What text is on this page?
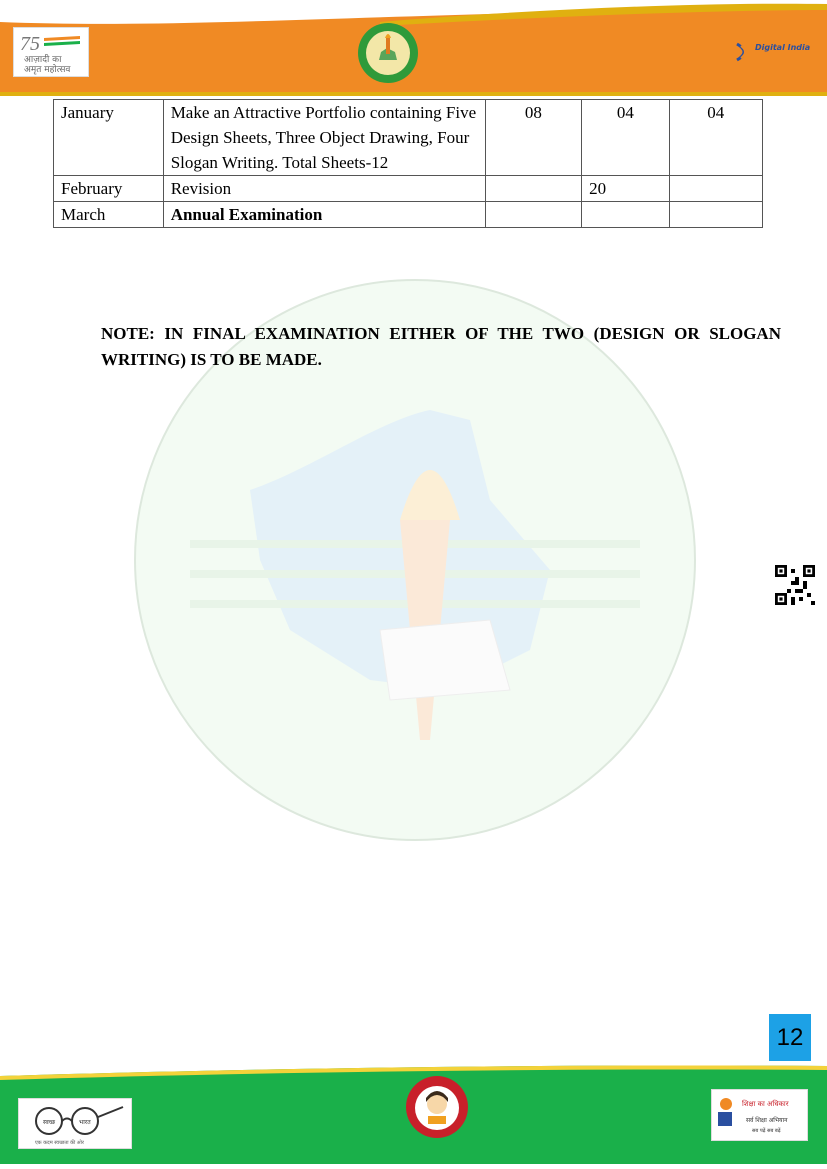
75
आज़ादी का
अमृत महोत्सव
Digital India
January	Make an Attractive Portfolio containing Five Design Sheets, Three Object Drawing, Four Slogan Writing. Total Sheets-12	08	04	04
February	Revision		20	
March	Annual Examination			
NOTE: IN FINAL EXAMINATION EITHER OF THE TWO (DESIGN OR SLOGAN WRITING) IS TO BE MADE.
12
स्वच्छ	भारत
एक कदम स्वच्छता की ओर
शिक्षा का अधिकार
सर्व शिक्षा अभियान
सब पढ़ें सब बढ़ें
